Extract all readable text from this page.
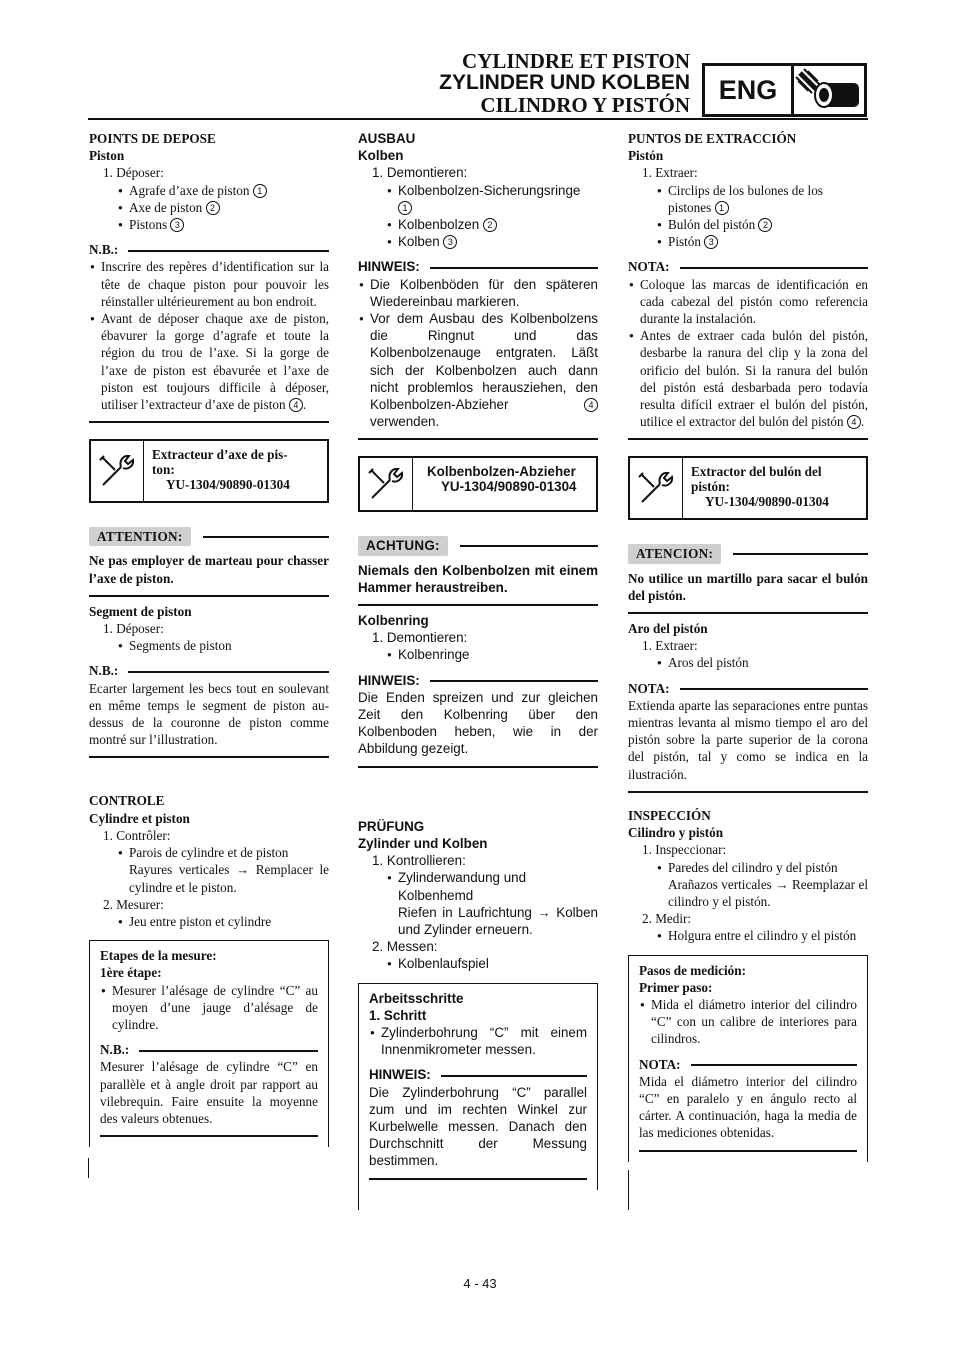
CYLINDRE ET PISTON
ZYLINDER UND KOLBEN
CILINDRO Y PISTÓN
ENG

POINTS DE DEPOSE

Piston

1. Déposer:

● Agrafe d’axe de piston 1

● Axe de piston 2

● Pistons 3

N.B.:

● Inscrire des repères d’identification sur la tête de chaque piston pour pouvoir les réinstaller ultérieurement au bon endroit.

● Avant de déposer chaque axe de piston, ébavurer la gorge d’agrafe et toute la région du trou de l’axe. Si la gorge de l’axe de piston est ébavurée et l’axe de piston est toujours difficile à déposer, utiliser l’extracteur d’axe de piston 4 .

Extracteur d’axe de pis-
ton:
YU-1304/90890-01304
ATTENTION:

Ne pas employer de marteau pour chasser l’axe de piston.

Segment de piston

1. Déposer:

● Segments de piston

N.B.:

Ecarter largement les becs tout en soulevant en même temps le segment de piston au-dessus de la couronne de piston comme montré sur l’illustration.

CONTROLE

Cylindre et piston

1. Contrôler:

● Parois de cylindre et de piston

Rayures verticales → Remplacer le cylindre et le piston.

2. Mesurer:

● Jeu entre piston et cylindre

Etapes de la mesure:

1ère étape:

● Mesurer l’alésage de cylindre “C” au moyen d’une jauge d’alésage de cylindre.

N.B.:

Mesurer l’alésage de cylindre “C” en parallèle et à angle droit par rapport au vilebrequin. Faire ensuite la moyenne des valeurs obtenues.

AUSBAU

Kolben

1. Demontieren:

● Kolbenbolzen-Sicherungsringe 1

● Kolbenbolzen 2

● Kolben 3

HINWEIS:

● Die Kolbenböden für den späteren Wiedereinbau markieren.

● Vor dem Ausbau des Kolbenbolzens die Ringnut und das Kolbenbolzenauge entgraten. Läßt sich der Kolbenbolzen auch dann nicht problemlos herausziehen, den Kolbenbolzen-Abzieher	4 verwenden.

Kolbenbolzen-Abzieher
YU-1304/90890-01304
ACHTUNG:

Niemals den Kolbenbolzen mit einem Hammer heraustreiben.

Kolbenring

1. Demontieren:

● Kolbenringe

HINWEIS:

Die Enden spreizen und zur gleichen Zeit den Kolbenring über den Kolbenboden heben, wie in der Abbildung gezeigt.

PRÜFUNG

Zylinder und Kolben

1. Kontrollieren:

● Zylinderwandung und Kolbenhemd

Riefen in Laufrichtung → Kolben und Zylinder erneuern.

2. Messen:

● Kolbenlaufspiel

Arbeitsschritte

1. Schritt

● Zylinderbohrung “C” mit einem Innenmikrometer messen.

HINWEIS:

Die Zylinderbohrung “C” parallel zum und im rechten Winkel zur Kurbelwelle messen. Danach den Durchschnitt der Messung bestimmen.

PUNTOS DE EXTRACCIÓN

Pistón

1. Extraer:

● Circlips de los bulones de los pistones 1

● Bulón del pistón 2

● Pistón 3

NOTA:

● Coloque las marcas de identificación en cada cabezal del pistón como referencia durante la instalación.

● Antes de extraer cada bulón del pistón, desbarbe la ranura del clip y la zona del orificio del bulón. Si la ranura del bulón del pistón está desbarbada pero todavía resulta difícil extraer el bulón del pistón, utilice el extractor del bulón del pistón 4 .

Extractor del bulón del
pistón:
YU-1304/90890-01304
ATENCION:

No utilice un martillo para sacar el bulón del pistón.

Aro del pistón

1. Extraer:

● Aros del pistón

NOTA:

Extienda aparte las separaciones entre puntas mientras levanta al mismo tiempo el aro del pistón sobre la parte superior de la corona del pistón, tal y como se indica en la ilustración.

INSPECCIÓN

Cilindro y pistón

1. Inspeccionar:

● Paredes del cilindro y del pistón

Arañazos verticales → Reemplazar el cilindro y el pistón.

2. Medir:

● Holgura entre el cilindro y el pistón

Pasos de medición:

Primer paso:

● Mida el diámetro interior del cilindro “C” con un calibre de interiores para cilindros.

NOTA:

Mida el diámetro interior del cilindro “C” en paralelo y en ángulo recto al cárter. A continuación, haga la media de las mediciones obtenidas.

4 - 43
